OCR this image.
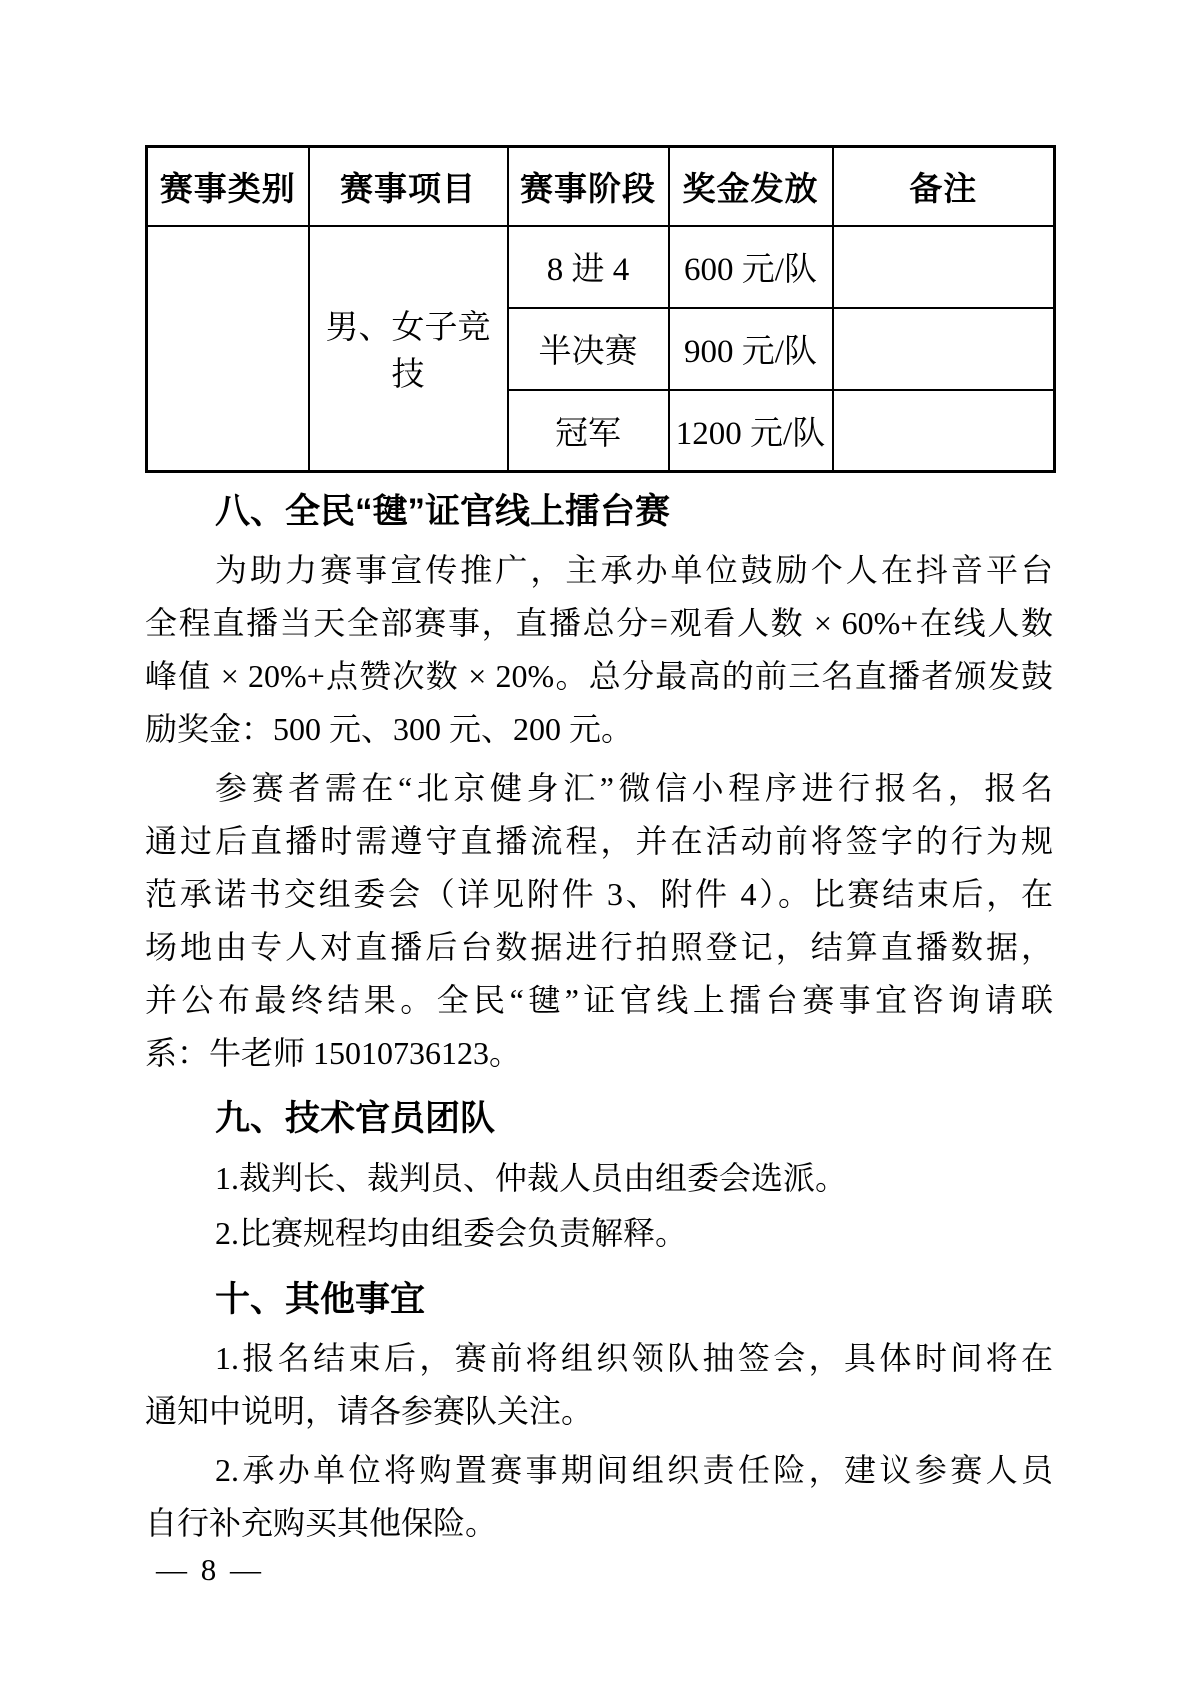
赛事类别	赛事项目	赛事阶段	奖金发放	备注
	男、女子竞技	8 进 4	600 元/队	
		半决赛	900 元/队	
		冠军	1200 元/队	
八、全民“毽”证官线上擂台赛
为助力赛事宣传推广，主承办单位鼓励个人在抖音平台
全程直播当天全部赛事，直播总分=观看人数 × 60%+在线人数
峰值 × 20%+点赞次数 × 20%。总分最高的前三名直播者颁发鼓
励奖金：500 元、300 元、200 元。
参赛者需在“北京健身汇”微信小程序进行报名，报名
通过后直播时需遵守直播流程，并在活动前将签字的行为规
范承诺书交组委会（详见附件 3、附件 4）。比赛结束后，在
场地由专人对直播后台数据进行拍照登记，结算直播数据，
并公布最终结果。全民“毽”证官线上擂台赛事宜咨询请联
系：牛老师 15010736123。
九、技术官员团队
1.裁判长、裁判员、仲裁人员由组委会选派。
2.比赛规程均由组委会负责解释。
十、其他事宜
1.报名结束后，赛前将组织领队抽签会，具体时间将在
通知中说明，请各参赛队关注。
2.承办单位将购置赛事期间组织责任险，建议参赛人员
自行补充购买其他保险。
— 8 —
